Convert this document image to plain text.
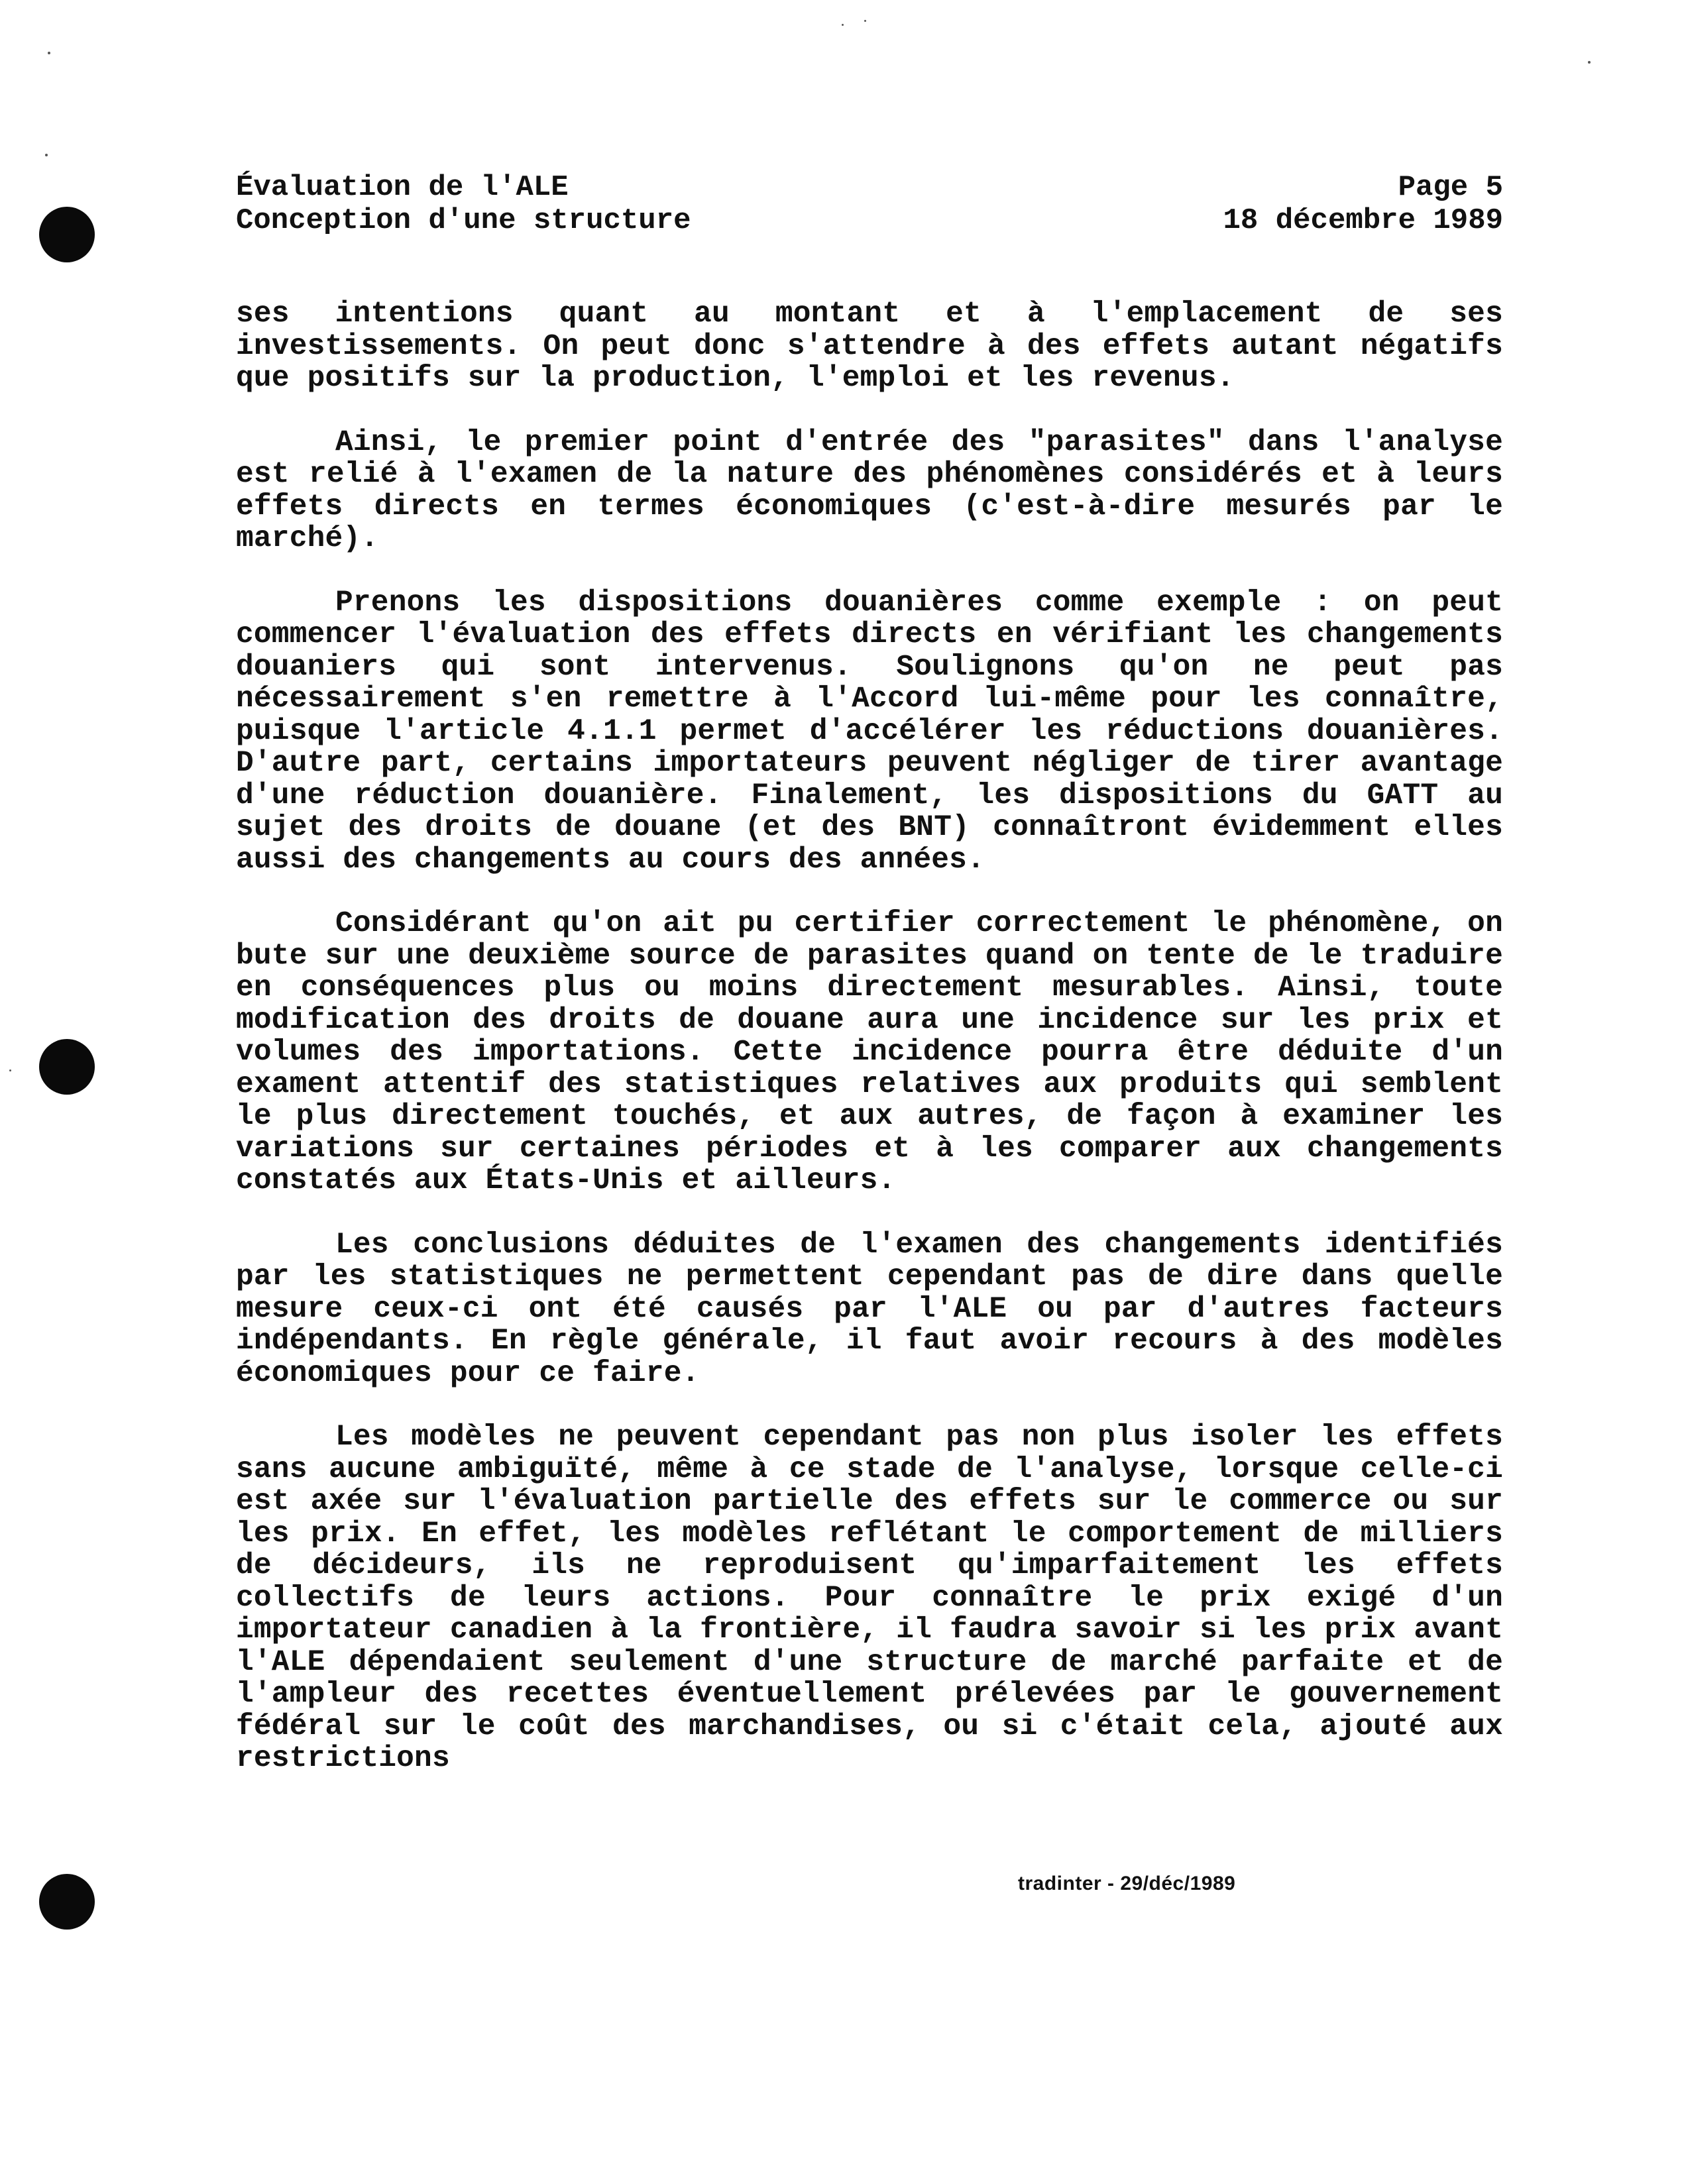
Évaluation de l'ALE
Conception d'une structure
Page 5
18 décembre 1989

ses intentions quant au montant et à l'emplacement de ses investissements. On peut donc s'attendre à des effets autant négatifs que positifs sur la production, l'emploi et les revenus.

Ainsi, le premier point d'entrée des "parasites" dans l'analyse est relié à l'examen de la nature des phénomènes considérés et à leurs effets directs en termes économiques (c'est-à-dire mesurés par le marché).

Prenons les dispositions douanières comme exemple : on peut commencer l'évaluation des effets directs en vérifiant les changements douaniers qui sont intervenus. Soulignons qu'on ne peut pas nécessairement s'en remettre à l'Accord lui-même pour les connaître, puisque l'article 4.1.1 permet d'accélérer les réductions douanières. D'autre part, certains importateurs peuvent négliger de tirer avantage d'une réduction douanière. Finalement, les dispositions du GATT au sujet des droits de douane (et des BNT) connaîtront évidemment elles aussi des changements au cours des années.

Considérant qu'on ait pu certifier correctement le phénomène, on bute sur une deuxième source de parasites quand on tente de le traduire en conséquences plus ou moins directement mesurables. Ainsi, toute modification des droits de douane aura une incidence sur les prix et volumes des importations. Cette incidence pourra être déduite d'un exament attentif des statistiques relatives aux produits qui semblent le plus directement touchés, et aux autres, de façon à examiner les variations sur certaines périodes et à les comparer aux changements constatés aux États-Unis et ailleurs.

Les conclusions déduites de l'examen des changements identifiés par les statistiques ne permettent cependant pas de dire dans quelle mesure ceux-ci ont été causés par l'ALE ou par d'autres facteurs indépendants. En règle générale, il faut avoir recours à des modèles économiques pour ce faire.

Les modèles ne peuvent cependant pas non plus isoler les effets sans aucune ambiguïté, même à ce stade de l'analyse, lorsque celle-ci est axée sur l'évaluation partielle des effets sur le commerce ou sur les prix. En effet, les modèles reflétant le comportement de milliers de décideurs, ils ne reproduisent qu'imparfaitement les effets collectifs de leurs actions. Pour connaître le prix exigé d'un importateur canadien à la frontière, il faudra savoir si les prix avant l'ALE dépendaient seulement d'une structure de marché parfaite et de l'ampleur des recettes éventuellement prélevées par le gouvernement fédéral sur le coût des marchandises, ou si c'était cela, ajouté aux restrictions

tradinter - 29/déc/1989
